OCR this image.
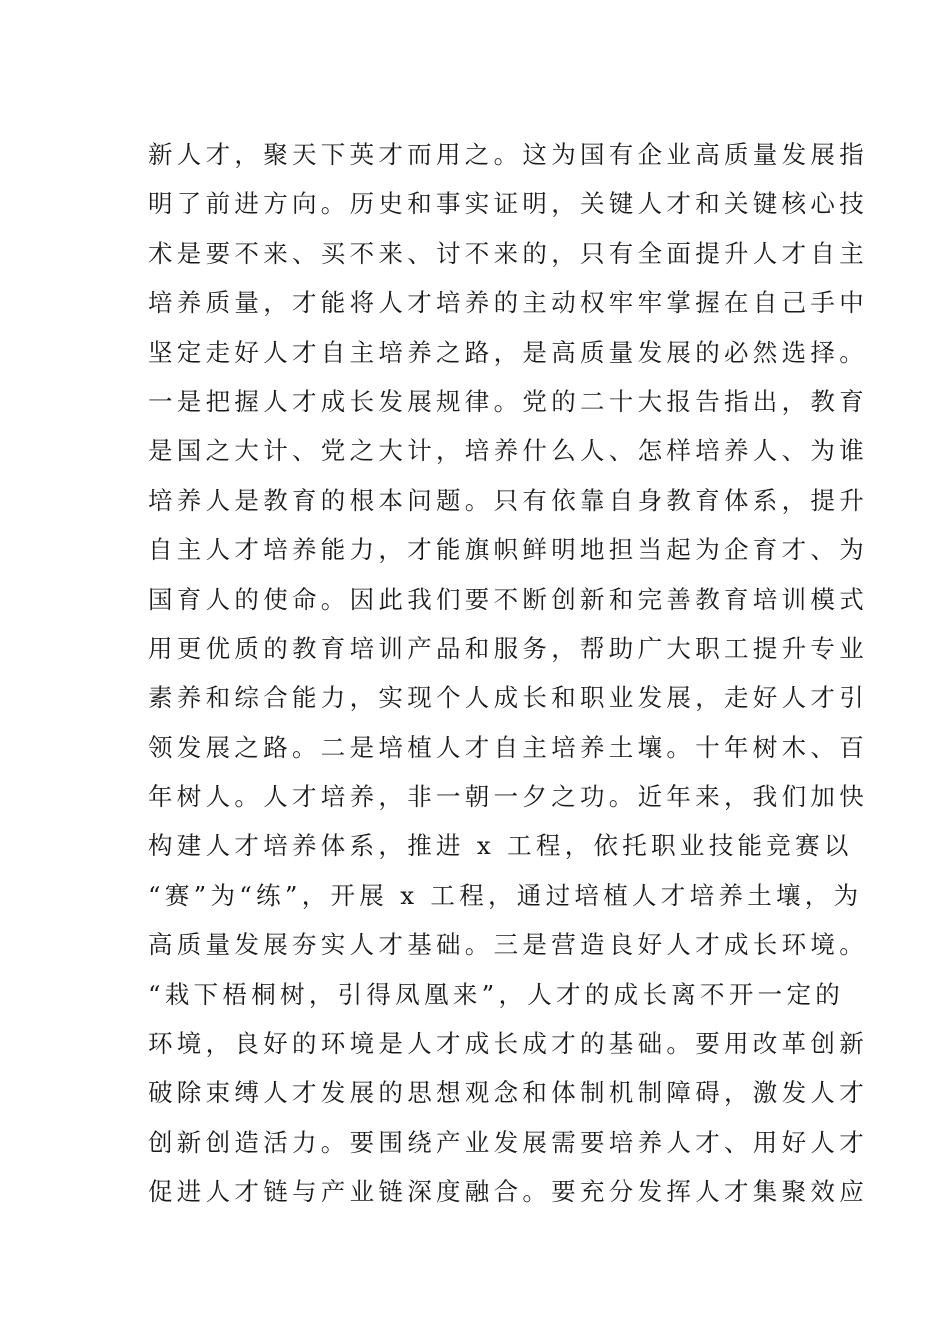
新人才，聚天下英才而用之。这为国有企业高质量发展指
明了前进方向。历史和事实证明，关键人才和关键核心技
术是要不来、买不来、讨不来的，只有全面提升人才自主
培养质量，才能将人才培养的主动权牢牢掌握在自己手中
坚定走好人才自主培养之路，是高质量发展的必然选择。
一是把握人才成长发展规律。党的二十大报告指出，教育
是国之大计、党之大计，培养什么人、怎样培养人、为谁
培养人是教育的根本问题。只有依靠自身教育体系，提升
自主人才培养能力，才能旗帜鲜明地担当起为企育才、为
国育人的使命。因此我们要不断创新和完善教育培训模式
用更优质的教育培训产品和服务，帮助广大职工提升专业
素养和综合能力，实现个人成长和职业发展，走好人才引
领发展之路。二是培植人才自主培养土壤。十年树木、百
年树人。人才培养，非一朝一夕之功。近年来，我们加快
构建人才培养体系，推进 x 工程，依托职业技能竞赛以
“赛”为“练”，开展 x 工程，通过培植人才培养土壤，为
高质量发展夯实人才基础。三是营造良好人才成长环境。
“栽下梧桐树，引得凤凰来”，人才的成长离不开一定的
环境，良好的环境是人才成长成才的基础。要用改革创新
破除束缚人才发展的思想观念和体制机制障碍，激发人才
创新创造活力。要围绕产业发展需要培养人才、用好人才
促进人才链与产业链深度融合。要充分发挥人才集聚效应
